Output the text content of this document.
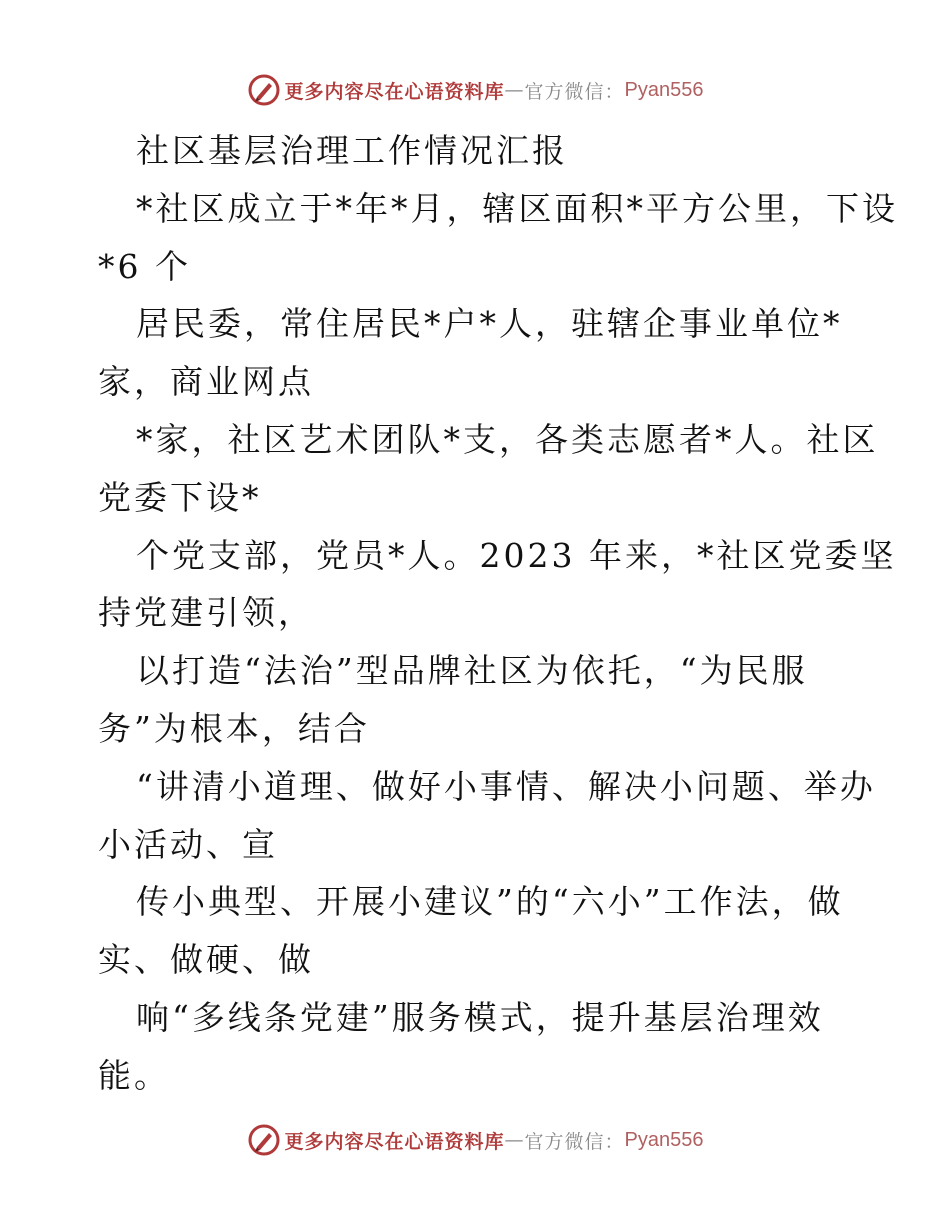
更多内容尽在心语资料库 — 官方微信： Pyan556
社区基层治理工作情况汇报
*社区成立于*年*月，辖区面积*平方公里，下设
*6 个
居民委，常住居民*户*人，驻辖企事业单位*
家，商业网点
*家，社区艺术团队*支，各类志愿者*人。社区
党委下设*
个党支部，党员*人。2023 年来，*社区党委坚
持党建引领，
以打造“法治”型品牌社区为依托，“为民服
务”为根本，结合
“讲清小道理、做好小事情、解决小问题、举办
小活动、宣
传小典型、开展小建议”的“六小”工作法，做
实、做硬、做
响“多线条党建”服务模式，提升基层治理效
能。
更多内容尽在心语资料库 — 官方微信： Pyan556
